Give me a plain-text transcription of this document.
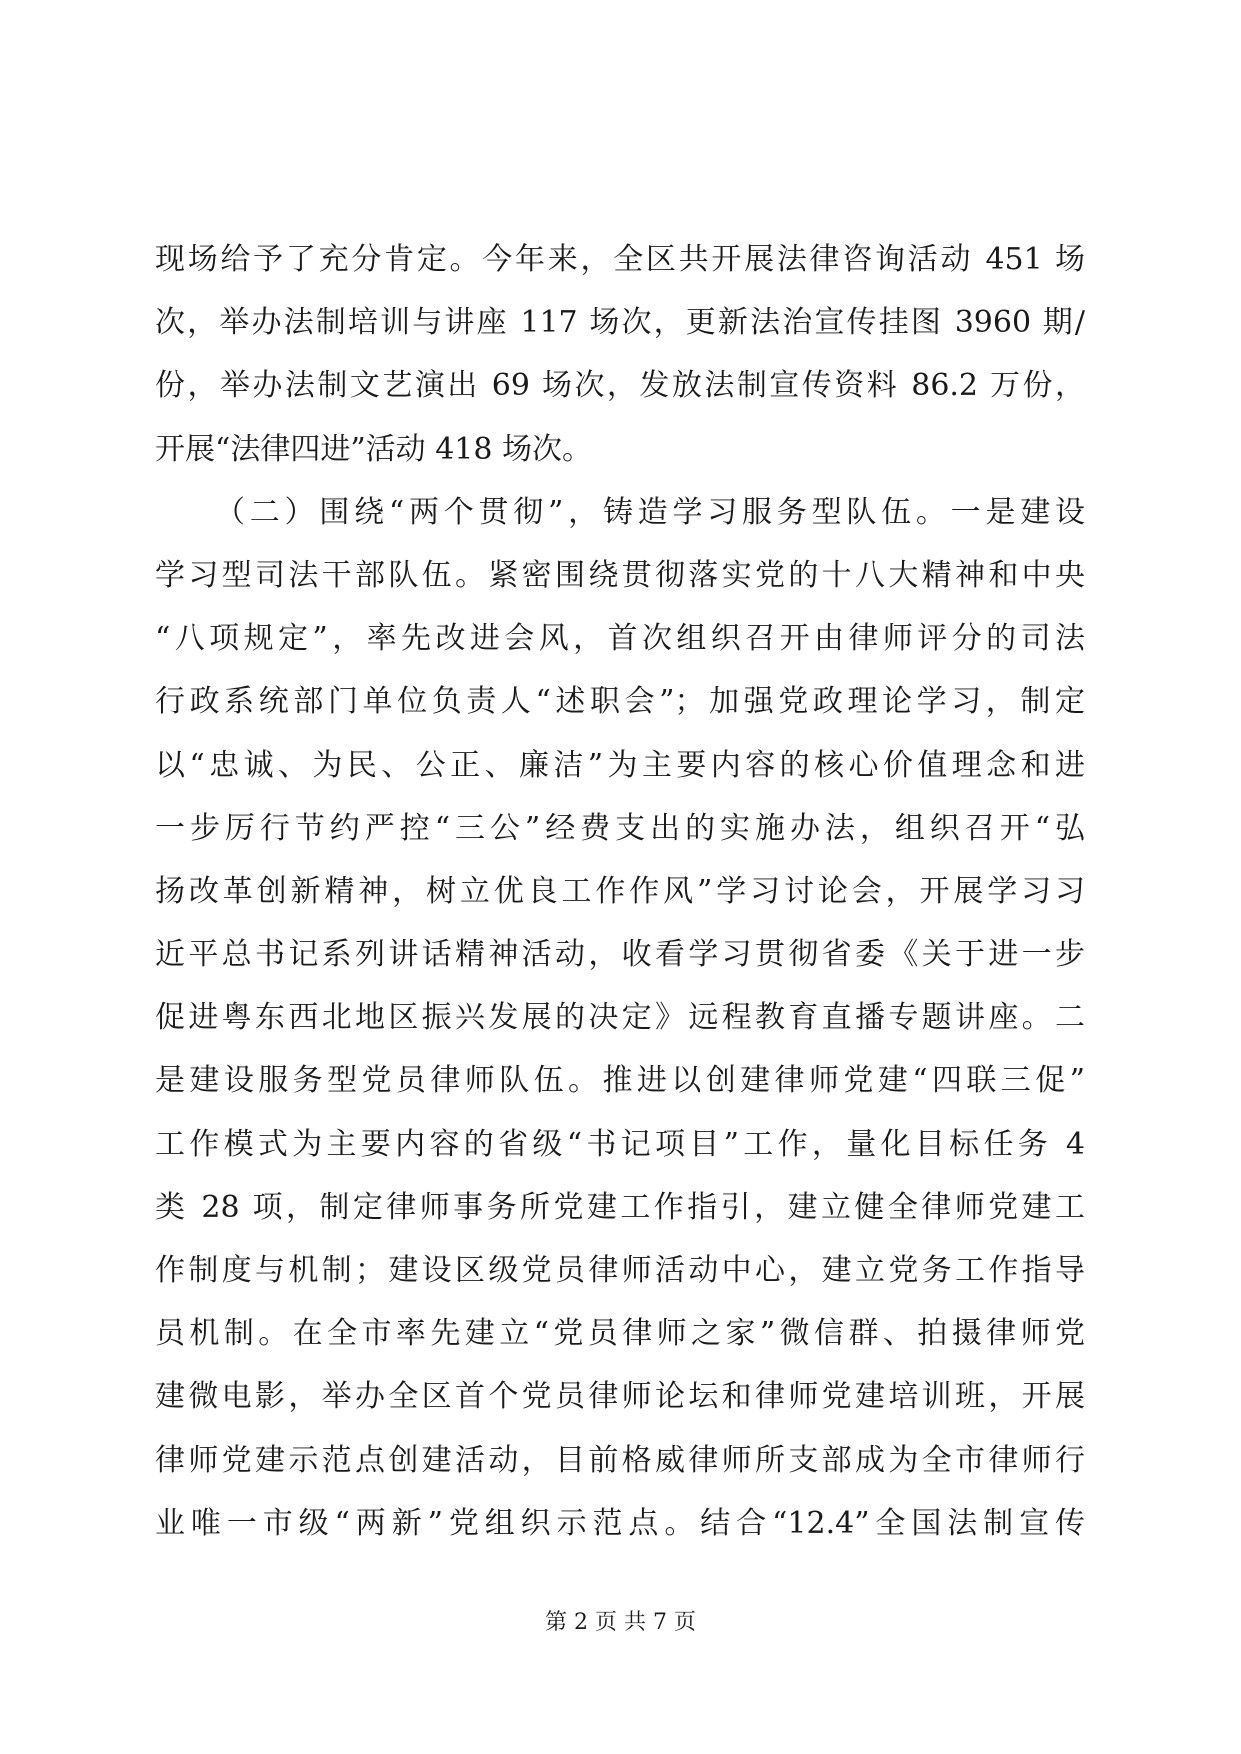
现场给予了充分肯定。今年来，全区共开展法律咨询活动 451 场
次，举办法制培训与讲座 117 场次，更新法治宣传挂图 3960 期/
份，举办法制文艺演出 69 场次，发放法制宣传资料 86.2 万份，
开展“法律四进”活动 418 场次。
（二）围绕“两个贯彻”，铸造学习服务型队伍。一是建设
学习型司法干部队伍。紧密围绕贯彻落实党的十八大精神和中央
“八项规定”，率先改进会风，首次组织召开由律师评分的司法
行政系统部门单位负责人“述职会”；加强党政理论学习，制定
以“忠诚、为民、公正、廉洁”为主要内容的核心价值理念和进
一步厉行节约严控“三公”经费支出的实施办法，组织召开“弘
扬改革创新精神，树立优良工作作风”学习讨论会，开展学习习
近平总书记系列讲话精神活动，收看学习贯彻省委《关于进一步
促进粤东西北地区振兴发展的决定》远程教育直播专题讲座。二
是建设服务型党员律师队伍。推进以创建律师党建“四联三促”
工作模式为主要内容的省级“书记项目”工作，量化目标任务 4
类 28 项，制定律师事务所党建工作指引，建立健全律师党建工
作制度与机制；建设区级党员律师活动中心，建立党务工作指导
员机制。在全市率先建立“党员律师之家”微信群、拍摄律师党
建微电影，举办全区首个党员律师论坛和律师党建培训班，开展
律师党建示范点创建活动，目前格威律师所支部成为全市律师行
业唯一市级“两新”党组织示范点。结合“12.4”全国法制宣传
第 2 页 共 7 页
